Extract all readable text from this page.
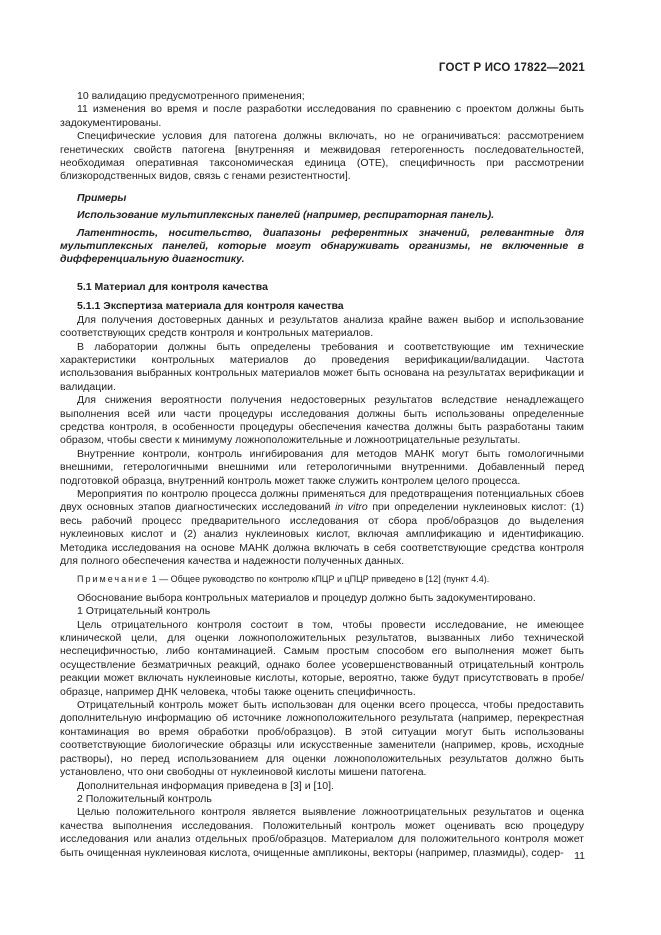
ГОСТ Р ИСО 17822—2021

10 валидацию предусмотренного применения;

11 изменения во время и после разработки исследования по сравнению с проектом должны быть задокументированы.

Специфические условия для патогена должны включать, но не ограничиваться: рассмотрением генетических свойств патогена [внутренняя и межвидовая гетерогенность последовательностей, необходимая оперативная таксономическая единица (ОТЕ), специфичность при рассмотрении близкородственных видов, связь с генами резистентности].

Примеры

Использование мультиплексных панелей (например, респираторная панель).

Латентность, носительство, диапазоны референтных значений, релевантные для мультиплексных панелей, которые могут обнаруживать организмы, не включенные в дифференциальную диагностику.

5.1 Материал для контроля качества

5.1.1 Экспертиза материала для контроля качества

Для получения достоверных данных и результатов анализа крайне важен выбор и использование соответствующих средств контроля и контрольных материалов.

В лаборатории должны быть определены требования и соответствующие им технические характеристики контрольных материалов до проведения верификации/валидации. Частота использования выбранных контрольных материалов может быть основана на результатах верификации и валидации.

Для снижения вероятности получения недостоверных результатов вследствие ненадлежащего выполнения всей или части процедуры исследования должны быть использованы определенные средства контроля, в особенности процедуры обеспечения качества должны быть разработаны таким образом, чтобы свести к минимуму ложноположительные и ложноотрицательные результаты.

Внутренние контроли, контроль ингибирования для методов МАНК могут быть гомологичными внешними, гетерологичными внешними или гетерологичными внутренними. Добавленный перед подготовкой образца, внутренний контроль может также служить контролем целого процесса.

Мероприятия по контролю процесса должны применяться для предотвращения потенциальных сбоев двух основных этапов диагностических исследований in vitro при определении нуклеиновых кислот: (1) весь рабочий процесс предварительного исследования от сбора проб/образцов до выделения нуклеиновых кислот и (2) анализ нуклеиновых кислот, включая амплификацию и идентификацию. Методика исследования на основе МАНК должна включать в себя соответствующие средства контроля для полного обеспечения качества и надежности полученных данных.

Примечание 1 — Общее руководство по контролю кПЦР и цПЦР приведено в [12] (пункт 4.4).

Обоснование выбора контрольных материалов и процедур должно быть задокументировано.

1 Отрицательный контроль

Цель отрицательного контроля состоит в том, чтобы провести исследование, не имеющее клинической цели, для оценки ложноположительных результатов, вызванных либо технической неспецифичностью, либо контаминацией. Самым простым способом его выполнения может быть осуществление безматричных реакций, однако более усовершенствованный отрицательный контроль реакции может включать нуклеиновые кислоты, которые, вероятно, также будут присутствовать в пробе/образце, например ДНК человека, чтобы также оценить специфичность.

Отрицательный контроль может быть использован для оценки всего процесса, чтобы предоставить дополнительную информацию об источнике ложноположительного результата (например, перекрестная контаминация во время обработки проб/образцов). В этой ситуации могут быть использованы соответствующие биологические образцы или искусственные заменители (например, кровь, исходные растворы), но перед использованием для оценки ложноположительных результатов должно быть установлено, что они свободны от нуклеиновой кислоты мишени патогена.

Дополнительная информация приведена в [3] и [10].

2 Положительный контроль

Целью положительного контроля является выявление ложноотрицательных результатов и оценка качества выполнения исследования. Положительный контроль может оценивать всю процедуру исследования или анализ отдельных проб/образцов. Материалом для положительного контроля может быть очищенная нуклеиновая кислота, очищенные ампликоны, векторы (например, плазмиды), содер- 11
